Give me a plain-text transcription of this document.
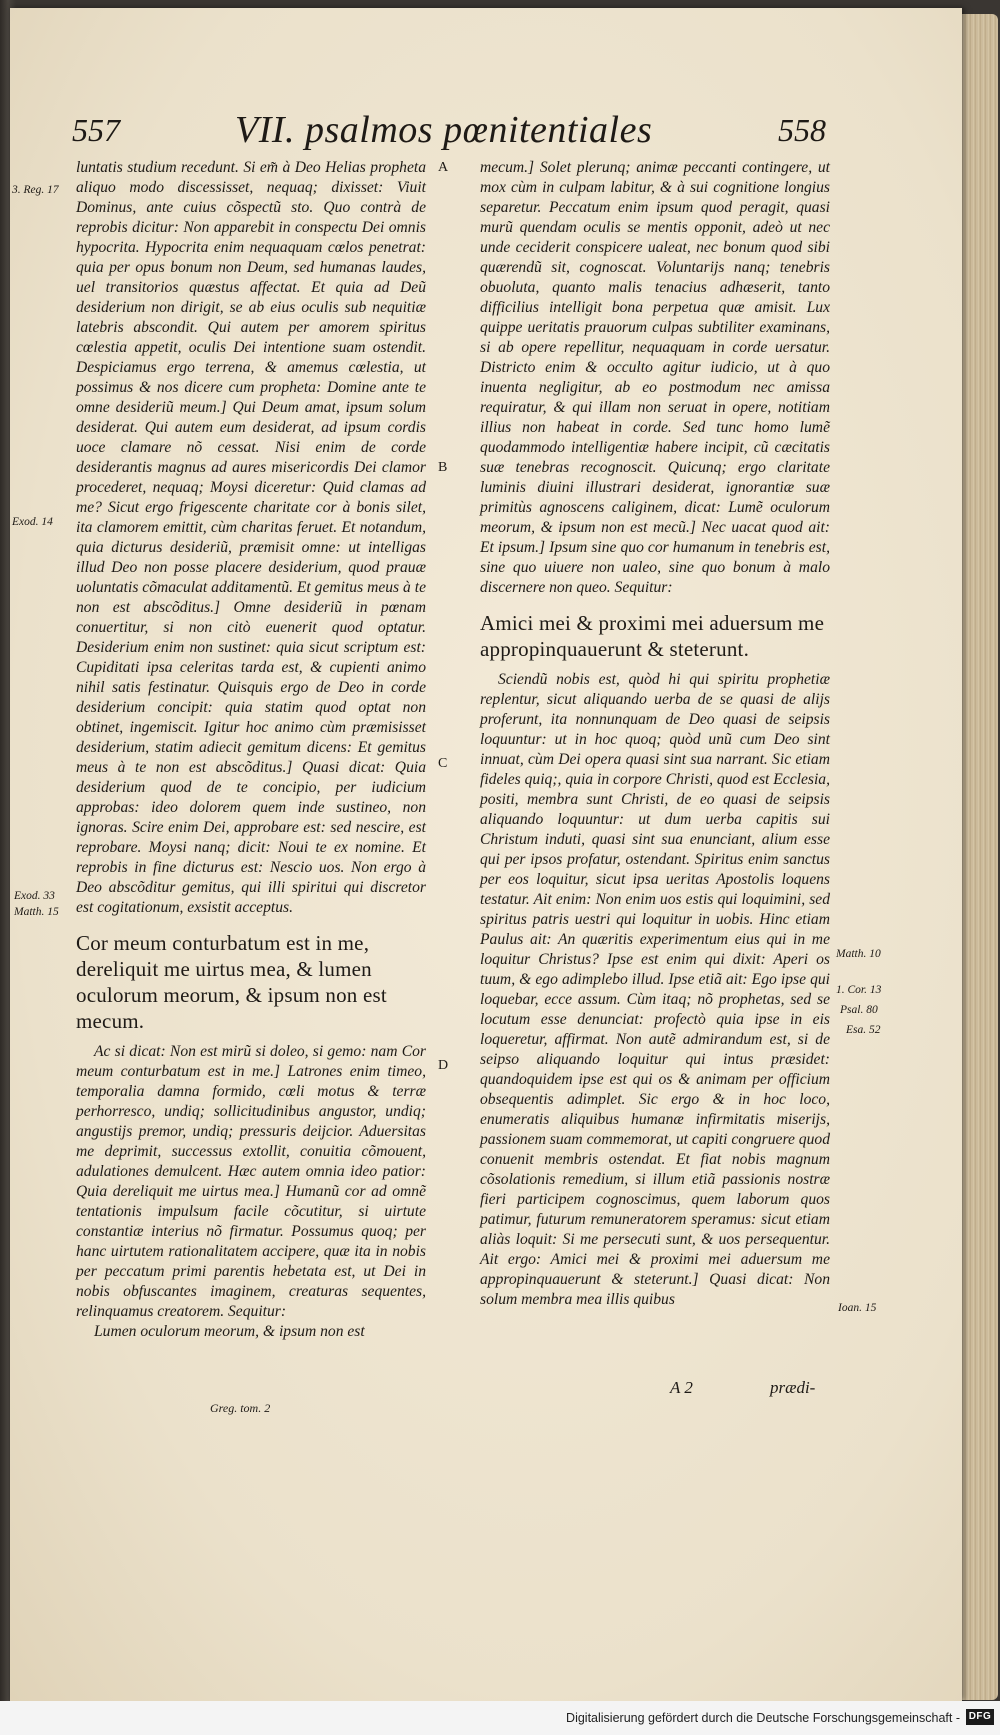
557	VII. psalmos pœnitentiales	558
3. Reg. 17
Exod. 14
Exod. 33
Matth. 15
A
B
C
D
Matth. 10
1. Cor. 13
Psal. 80
Esa. 52
Ioan. 15

luntatis studium recedunt. Si em̃ à Deo Helias propheta aliquo modo discessisset, nequaq; dixisset: Viuit Dominus, ante cuius cõspectũ sto. Quo contrà de reprobis dicitur: Non apparebit in conspectu Dei omnis hypocrita. Hypocrita enim nequaquam cœlos penetrat: quia per opus bonum non Deum, sed humanas laudes, uel transitorios quæstus affectat. Et quia ad Deũ desiderium non dirigit, se ab eius oculis sub nequitiæ latebris abscondit. Qui autem per amorem spiritus cœlestia appetit, oculis Dei intentione suam ostendit. Despiciamus ergo terrena, & amemus cœlestia, ut possimus & nos dicere cum propheta: Domine ante te omne desideriũ meum.] Qui Deum amat, ipsum solum desiderat. Qui autem eum desiderat, ad ipsum cordis uoce clamare nõ cessat. Nisi enim de corde desiderantis magnus ad aures misericordis Dei clamor procederet, nequaq; Moysi diceretur: Quid clamas ad me? Sicut ergo frigescente charitate cor à bonis silet, ita clamorem emittit, cùm charitas feruet. Et notandum, quia dicturus desideriũ, præmisit omne: ut intelligas illud Deo non posse placere desiderium, quod prauæ uoluntatis cõmaculat additamentũ. Et gemitus meus à te non est abscõditus.] Omne desideriũ in pœnam conuertitur, si non citò euenerit quod optatur. Desiderium enim non sustinet: quia sicut scriptum est: Cupiditati ipsa celeritas tarda est, & cupienti animo nihil satis festinatur. Quisquis ergo de Deo in corde desiderium concipit: quia statim quod optat non obtinet, ingemiscit. Igitur hoc animo cùm præmisisset desiderium, statim adiecit gemitum dicens: Et gemitus meus à te non est abscõditus.] Quasi dicat: Quia desiderium quod de te concipio, per iudicium approbas: ideo dolorem quem inde sustineo, non ignoras. Scire enim Dei, approbare est: sed nescire, est reprobare. Moysi nanq; dicit: Noui te ex nomine. Et reprobis in fine dicturus est: Nescio uos. Non ergo à Deo abscõditur gemitus, qui illi spiritui qui discretor est cogitationum, exsistit acceptus.

Cor meum conturbatum est in me, dereliquit me uirtus mea, & lumen oculorum meorum, & ipsum non est mecum.

Ac si dicat: Non est mirũ si doleo, si gemo: nam Cor meum conturbatum est in me.] Latrones enim timeo, temporalia damna formido, cœli motus & terræ perhorresco, undiq; sollicitudinibus angustor, undiq; angustijs premor, undiq; pressuris deijcior. Aduersitas me deprimit, successus extollit, conuitia cõmouent, adulationes demulcent. Hæc autem omnia ideo patior: Quia dereliquit me uirtus mea.] Humanũ cor ad omnẽ tentationis impulsum facile cõcutitur, si uirtute constantiæ interius nõ firmatur. Possumus quoq; per hanc uirtutem rationalitatem accipere, quæ ita in nobis per peccatum primi parentis hebetata est, ut Dei in nobis obfuscantes imaginem, creaturas sequentes, relinquamus creatorem. Sequitur:

Lumen oculorum meorum, & ipsum non est

Greg. tom. 2

mecum.] Solet plerunq; animæ peccanti contingere, ut mox cùm in culpam labitur, & à sui cognitione longius separetur. Peccatum enim ipsum quod peragit, quasi murũ quendam oculis se mentis opponit, adeò ut nec unde ceciderit conspicere ualeat, nec bonum quod sibi quærendũ sit, cognoscat. Voluntarijs nanq; tenebris obuoluta, quanto malis tenacius adhæserit, tanto difficilius intelligit bona perpetua quæ amisit. Lux quippe ueritatis prauorum culpas subtiliter examinans, si ab opere repellitur, nequaquam in corde uersatur. Districto enim & occulto agitur iudicio, ut à quo inuenta negligitur, ab eo postmodum nec amissa requiratur, & qui illam non seruat in opere, notitiam illius non habeat in corde. Sed tunc homo lumẽ quodammodo intelligentiæ habere incipit, cũ cæcitatis suæ tenebras recognoscit. Quicunq; ergo claritate luminis diuini illustrari desiderat, ignorantiæ suæ primitùs agnoscens caliginem, dicat: Lumẽ oculorum meorum, & ipsum non est mecũ.] Nec uacat quod ait: Et ipsum.] Ipsum sine quo cor humanum in tenebris est, sine quo uiuere non ualeo, sine quo bonum à malo discernere non queo. Sequitur:

Amici mei & proximi mei aduersum me appropinquauerunt & steterunt.

Sciendũ nobis est, quòd hi qui spiritu prophetiæ replentur, sicut aliquando uerba de se quasi de alijs proferunt, ita nonnunquam de Deo quasi de seipsis loquuntur: ut in hoc quoq; quòd unũ cum Deo sint innuat, cùm Dei opera quasi sint sua narrant. Sic etiam fideles quiq;, quia in corpore Christi, quod est Ecclesia, positi, membra sunt Christi, de eo quasi de seipsis aliquando loquuntur: ut dum uerba capitis sui Christum induti, quasi sint sua enunciant, alium esse qui per ipsos profatur, ostendant. Spiritus enim sanctus per eos loquitur, sicut ipsa ueritas Apostolis loquens testatur. Ait enim: Non enim uos estis qui loquimini, sed spiritus patris uestri qui loquitur in uobis. Hinc etiam Paulus ait: An quæritis experimentum eius qui in me loquitur Christus? Ipse est enim qui dixit: Aperi os tuum, & ego adimplebo illud. Ipse etiã ait: Ego ipse qui loquebar, ecce assum. Cùm itaq; nõ prophetas, sed se locutum esse denunciat: profectò quia ipse in eis loqueretur, affirmat. Non autẽ admirandum est, si de seipso aliquando loquitur qui intus præsidet: quandoquidem ipse est qui os & animam per officium obsequentis adimplet. Sic ergo & in hoc loco, enumeratis aliquibus humanæ infirmitatis miserijs, passionem suam commemorat, ut capiti congruere quod conuenit membris ostendat. Et fiat nobis magnum cõsolationis remedium, si illum etiã passionis nostræ fieri participem cognoscimus, quem laborum quos patimur, futurum remuneratorem speramus: sicut etiam aliàs loquit: Si me persecuti sunt, & uos persequentur. Ait ergo: Amici mei & proximi mei aduersum me appropinquauerunt & steterunt.] Quasi dicat: Non solum membra mea illis quibus

A 2	prædi-
Digitalisierung gefördert durch die Deutsche Forschungsgemeinschaft - DFG
